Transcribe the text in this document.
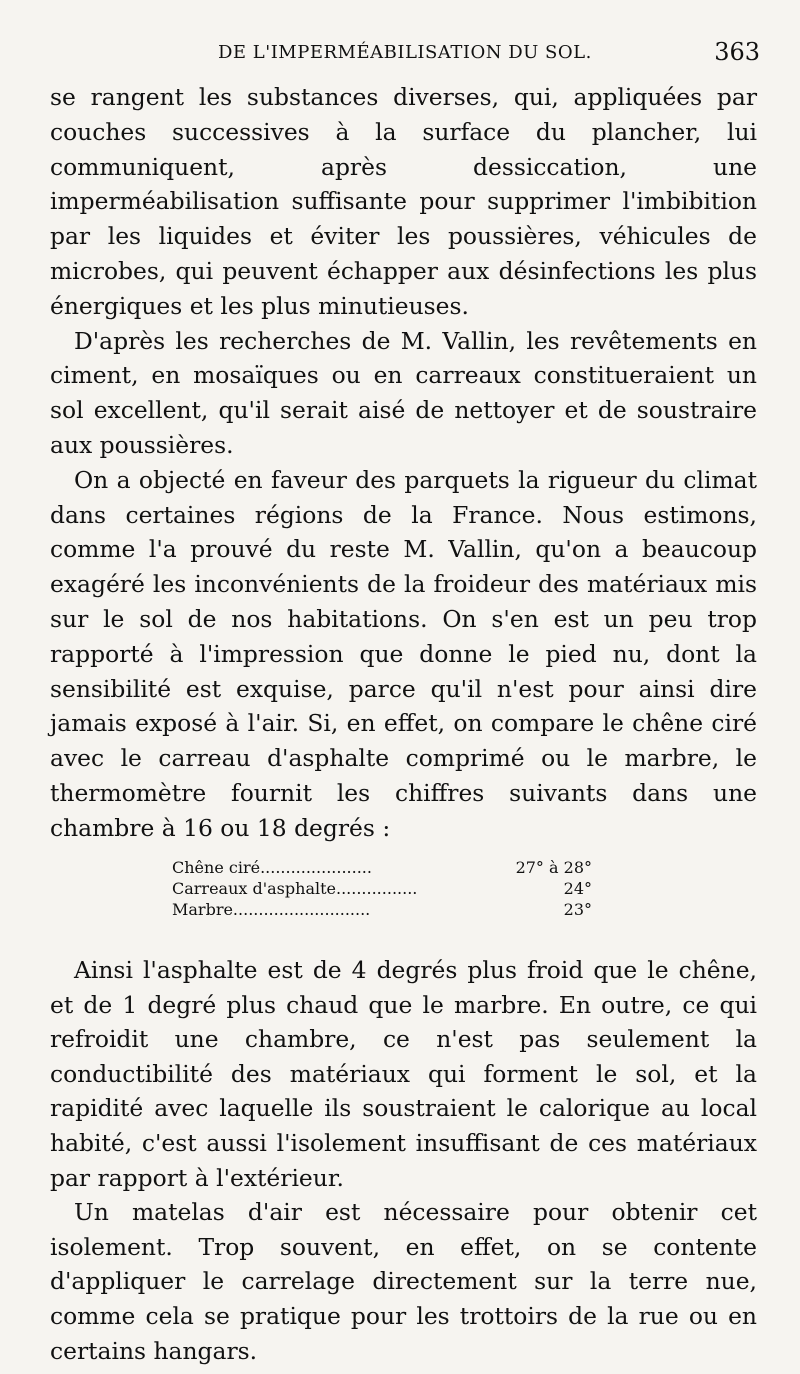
DE L'IMPERMÉABILISATION DU SOL.	363

se rangent les substances diverses, qui, appliquées par couches successives à la surface du plancher, lui communiquent, après dessiccation, une imperméabilisation suffisante pour supprimer l'imbibition par les liquides et éviter les poussières, véhicules de microbes, qui peuvent échapper aux désinfections les plus énergiques et les plus minutieuses.

D'après les recherches de M. Vallin, les revêtements en ciment, en mosaïques ou en carreaux constitueraient un sol excellent, qu'il serait aisé de nettoyer et de soustraire aux poussières.

On a objecté en faveur des parquets la rigueur du climat dans certaines régions de la France. Nous estimons, comme l'a prouvé du reste M. Vallin, qu'on a beaucoup exagéré les inconvénients de la froideur des matériaux mis sur le sol de nos habitations. On s'en est un peu trop rapporté à l'impression que donne le pied nu, dont la sensibilité est exquise, parce qu'il n'est pour ainsi dire jamais exposé à l'air. Si, en effet, on compare le chêne ciré avec le carreau d'asphalte comprimé ou le marbre, le thermomètre fournit les chiffres suivants dans une chambre à 16 ou 18 degrés :

Chêne ciré......................	27° à 28°
Carreaux d'asphalte................	24°
Marbre...........................	23°

Ainsi l'asphalte est de 4 degrés plus froid que le chêne, et de 1 degré plus chaud que le marbre. En outre, ce qui refroidit une chambre, ce n'est pas seulement la conductibilité des matériaux qui forment le sol, et la rapidité avec laquelle ils soustraient le calorique au local habité, c'est aussi l'isolement insuffisant de ces matériaux par rapport à l'extérieur.

Un matelas d'air est nécessaire pour obtenir cet isolement. Trop souvent, en effet, on se contente d'appliquer le carrelage directement sur la terre nue, comme cela se pratique pour les trottoirs de la rue ou en certains hangars.
